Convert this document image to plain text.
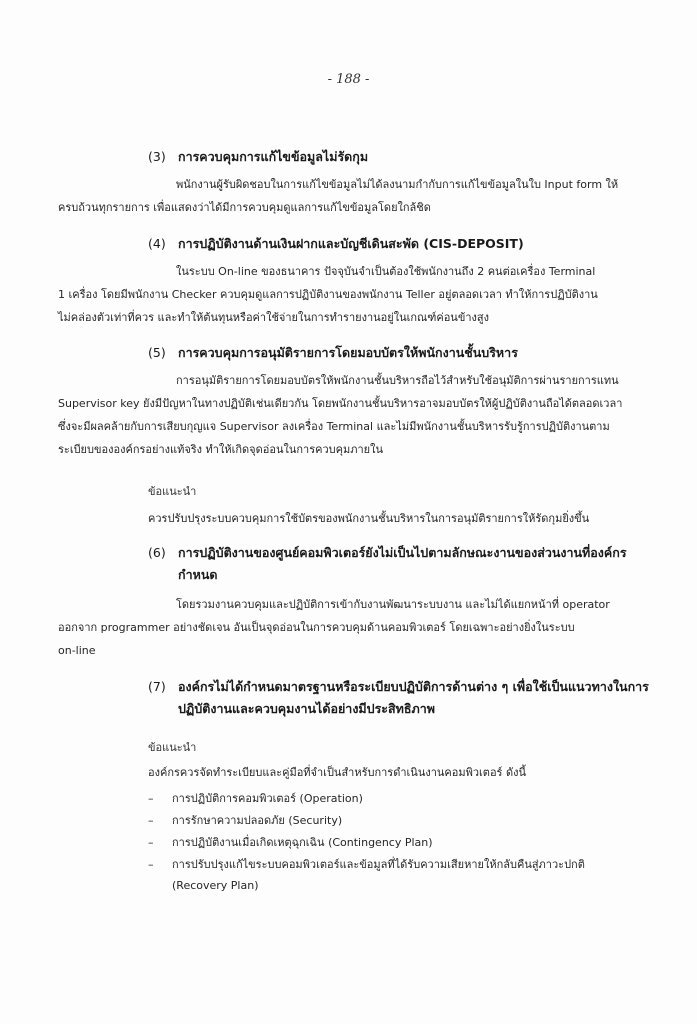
- 188 -
(3) การควบคุมการแก้ไขข้อมูลไม่รัดกุม
พนักงานผู้รับผิดชอบในการแก้ไขข้อมูลไม่ได้ลงนามกำกับการแก้ไขข้อมูลในใบ Input form ให้
ครบถ้วนทุกรายการ เพื่อแสดงว่าได้มีการควบคุมดูแลการแก้ไขข้อมูลโดยใกล้ชิด
(4) การปฏิบัติงานด้านเงินฝากและบัญชีเดินสะพัด (CIS-DEPOSIT)
ในระบบ On-line ของธนาคาร ปัจจุบันจำเป็นต้องใช้พนักงานถึง 2 คนต่อเครื่อง Terminal
1 เครื่อง โดยมีพนักงาน Checker ควบคุมดูแลการปฏิบัติงานของพนักงาน Teller อยู่ตลอดเวลา ทำให้การปฏิบัติงาน
ไม่คล่องตัวเท่าที่ควร และทำให้ต้นทุนหรือค่าใช้จ่ายในการทำรายงานอยู่ในเกณฑ์ค่อนข้างสูง
(5) การควบคุมการอนุมัติรายการโดยมอบบัตรให้พนักงานชั้นบริหาร
การอนุมัติรายการโดยมอบบัตรให้พนักงานชั้นบริหารถือไว้สำหรับใช้อนุมัติการผ่านรายการแทน
Supervisor key ยังมีปัญหาในทางปฏิบัติเช่นเดียวกัน โดยพนักงานชั้นบริหารอาจมอบบัตรให้ผู้ปฏิบัติงานถือได้ตลอดเวลา
ซึ่งจะมีผลคล้ายกับการเสียบกุญแจ Supervisor ลงเครื่อง Terminal และไม่มีพนักงานชั้นบริหารรับรู้การปฏิบัติงานตาม
ระเบียบขององค์กรอย่างแท้จริง ทำให้เกิดจุดอ่อนในการควบคุมภายใน
ข้อแนะนำ
ควรปรับปรุงระบบควบคุมการใช้บัตรของพนักงานชั้นบริหารในการอนุมัติรายการให้รัดกุมยิ่งขึ้น
(6) การปฏิบัติงานของศูนย์คอมพิวเตอร์ยังไม่เป็นไปตามลักษณะงานของส่วนงานที่องค์กร
กำหนด
โดยรวมงานควบคุมและปฏิบัติการเข้ากับงานพัฒนาระบบงาน และไม่ได้แยกหน้าที่ operator
ออกจาก programmer อย่างชัดเจน อันเป็นจุดอ่อนในการควบคุมด้านคอมพิวเตอร์ โดยเฉพาะอย่างยิ่งในระบบ
on-line
(7) องค์กรไม่ได้กำหนดมาตรฐานหรือระเบียบปฏิบัติการด้านต่าง ๆ เพื่อใช้เป็นแนวทางในการ
ปฏิบัติงานและควบคุมงานได้อย่างมีประสิทธิภาพ
ข้อแนะนำ
องค์กรควรจัดทำระเบียบและคู่มือที่จำเป็นสำหรับการดำเนินงานคอมพิวเตอร์ ดังนี้
– การปฏิบัติการคอมพิวเตอร์ (Operation)
– การรักษาความปลอดภัย (Security)
– การปฏิบัติงานเมื่อเกิดเหตุฉุกเฉิน (Contingency Plan)
– การปรับปรุงแก้ไขระบบคอมพิวเตอร์และข้อมูลที่ได้รับความเสียหายให้กลับคืนสู่ภาวะปกติ
(Recovery Plan)
